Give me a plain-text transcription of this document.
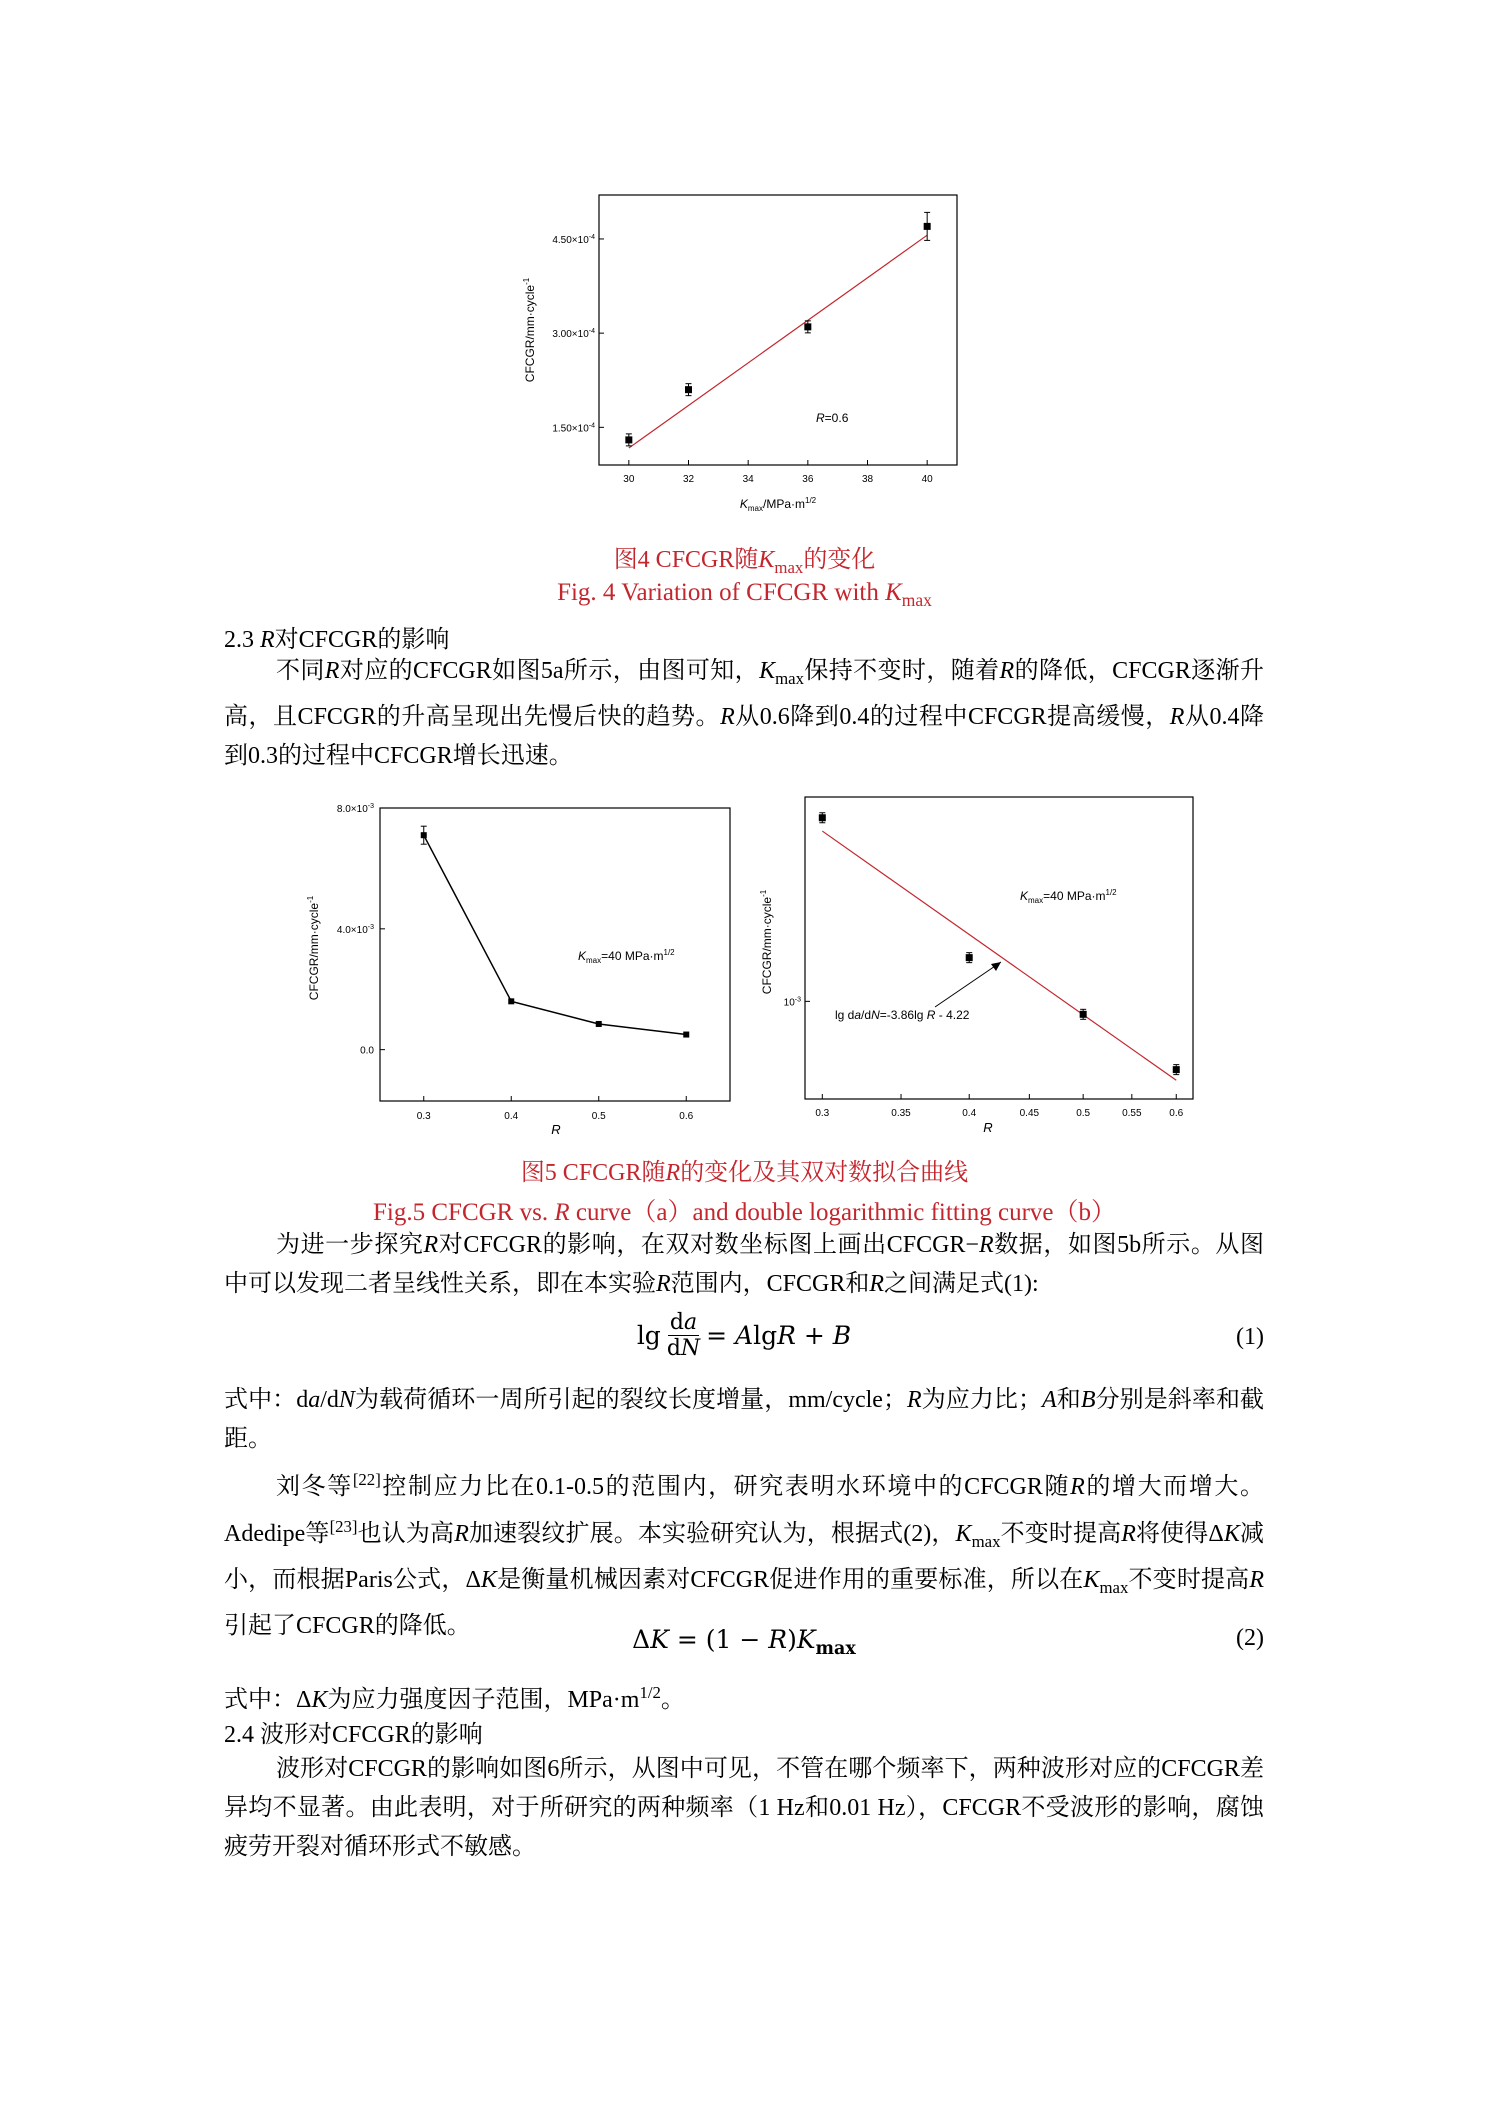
30	32	34	36	38	40
$1.50\times 10^{-4}$
$3.00\times 10^{-4}$
$4.50\times 10^{-4}$
CFCGR/mm·cycle$^{-1}$
$K_{max}/MPa\cdot m^{1/2}$
R=0.6
图4 CFCGR随$K_{max}$的变化
Fig. 4 Variation of CFCGR with $K_{max}$
2.3 R对CFCGR的影响
不同R对应的CFCGR如图5a所示，由图可知，$K_{max}$保持不变时，随着R的降低，CFCGR逐渐升高，且CFCGR的升高呈现出先慢后快的趋势。R从0.6降到0.4的过程中CFCGR提高缓慢，R从0.4降到0.3的过程中CFCGR增长迅速。
0.3	0.4	0.5	0.6
0.0
$4.0\times 10^{-3}$
$8.0\times 10^{-3}$
CFCGR/mm·cycle$^{-1}$
R
$K_{max}=40$ $MPa\cdot m^{1/2}$
0.3	0.35	0.4	0.45	0.5	0.55	0.6
$10^{-3}$
CFCGR/mm·cycle$^{-1}$
R
$K_{max}=40$ $MPa\cdot m^{1/2}$
lg da/dN=-3.86lg R - 4.22
图5 CFCGR随R的变化及其双对数拟合曲线
Fig.5 CFCGR vs. R curve（a）and double logarithmic fitting curve（b）
为进一步探究R对CFCGR的影响，在双对数坐标图上画出CFCGR−R数据，如图5b所示。从图中可以发现二者呈线性关系，即在本实验R范围内，CFCGR和R之间满足式(1):
$\lg \frac{da}{dN} = AlgR + B$	(1)
式中：da/dN为载荷循环一周所引起的裂纹长度增量，mm/cycle；R为应力比；A和B分别是斜率和截距。
刘冬等[22]控制应力比在0.1-0.5的范围内，研究表明水环境中的CFCGR随R的增大而增大。Adedipe等[23]也认为高R加速裂纹扩展。本实验研究认为，根据式(2)，$K_{max}$不变时提高R将使得ΔK减小，而根据Paris公式，ΔK是衡量机械因素对CFCGR促进作用的重要标准，所以在$K_{max}$不变时提高R引起了CFCGR的降低。	$\Delta K = (1 - R)K_{max}$	(2)
式中：ΔK为应力强度因子范围，$MPa\cdot m^{1/2}$。
2.4 波形对CFCGR的影响
波形对CFCGR的影响如图6所示，从图中可见，不管在哪个频率下，两种波形对应的CFCGR差异均不显著。由此表明，对于所研究的两种频率（1 Hz和0.01 Hz），CFCGR不受波形的影响，腐蚀疲劳开裂对循环形式不敏感。
